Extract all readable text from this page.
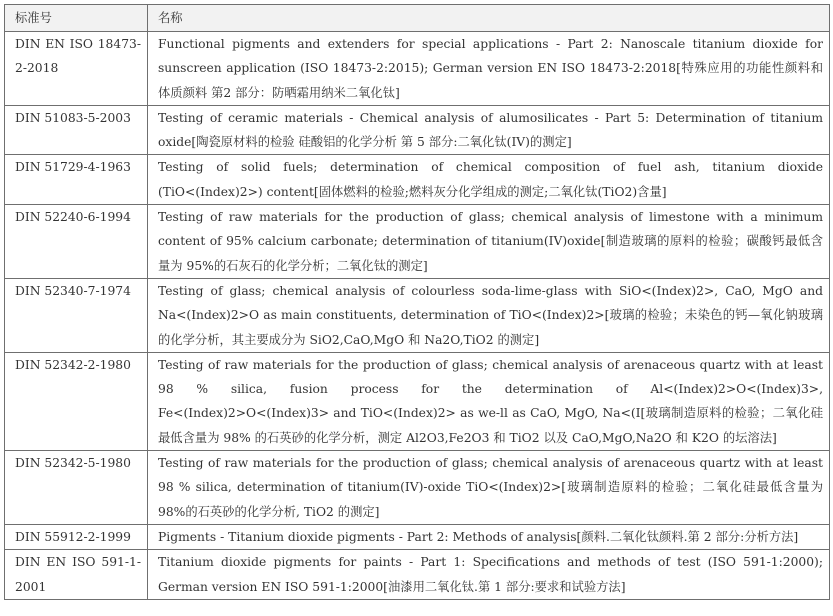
标准号	名称
DIN EN ISO 18473-2-2018	Functional pigments and extenders for special applications - Part 2: Nanoscale titanium dioxide for sunscreen application (ISO 18473-2:2015); German version EN ISO 18473-2:2018[特殊应用的功能性颜料和体质颜料 第2 部分：防晒霜用纳米二氧化钛]
DIN 51083-5-2003	Testing of ceramic materials - Chemical analysis of alumosilicates - Part 5: Determination of titanium oxide[陶瓷原材料的检验 硅酸铝的化学分析 第 5 部分:二氧化钛(IV)的测定]
DIN 51729-4-1963	Testing of solid fuels; determination of chemical composition of fuel ash, titanium dioxide (TiO<(Index)2>) content[固体燃料的检验;燃料灰分化学组成的测定;二氧化钛(TiO2)含量]
DIN 52240-6-1994	Testing of raw materials for the production of glass; chemical analysis of limestone with a minimum content of 95% calcium carbonate; determination of titanium(IV)oxide[制造玻璃的原料的检验；碳酸钙最低含量为 95%的石灰石的化学分析；二氧化钛的测定]
DIN 52340-7-1974	Testing of glass; chemical analysis of colourless soda-lime-glass with SiO<(Index)2>, CaO, MgO and Na<(Index)2>O as main constituents, determination of TiO<(Index)2>[玻璃的检验；未染色的钙—氧化钠玻璃的化学分析，其主要成分为 SiO2,CaO,MgO 和 Na2O,TiO2 的测定]
DIN 52342-2-1980	Testing of raw materials for the production of glass; chemical analysis of arenaceous quartz with at least 98 % silica, fusion process for the determination of Al<(Index)2>O<(Index)3>, Fe<(Index)2>O<(Index)3> and TiO<(Index)2> as we-ll as CaO, MgO, Na<(I[玻璃制造原料的检验；二氧化硅最低含量为 98% 的石英砂的化学分析，测定 Al2O3,Fe2O3 和 TiO2 以及 CaO,MgO,Na2O 和 K2O 的坛溶法]
DIN 52342-5-1980	Testing of raw materials for the production of glass; chemical analysis of arenaceous quartz with at least 98 % silica, determination of titanium(IV)-oxide TiO<(Index)2>[玻璃制造原料的检验；二氧化硅最低含量为 98%的石英砂的化学分析, TiO2 的测定]
DIN 55912-2-1999	Pigments - Titanium dioxide pigments - Part 2: Methods of analysis[颜料.二氧化钛颜料.第 2 部分:分析方法]
DIN EN ISO 591-1-2001	Titanium dioxide pigments for paints - Part 1: Specifications and methods of test (ISO 591-1:2000); German version EN ISO 591-1:2000[油漆用二氧化钛.第 1 部分:要求和试验方法]
